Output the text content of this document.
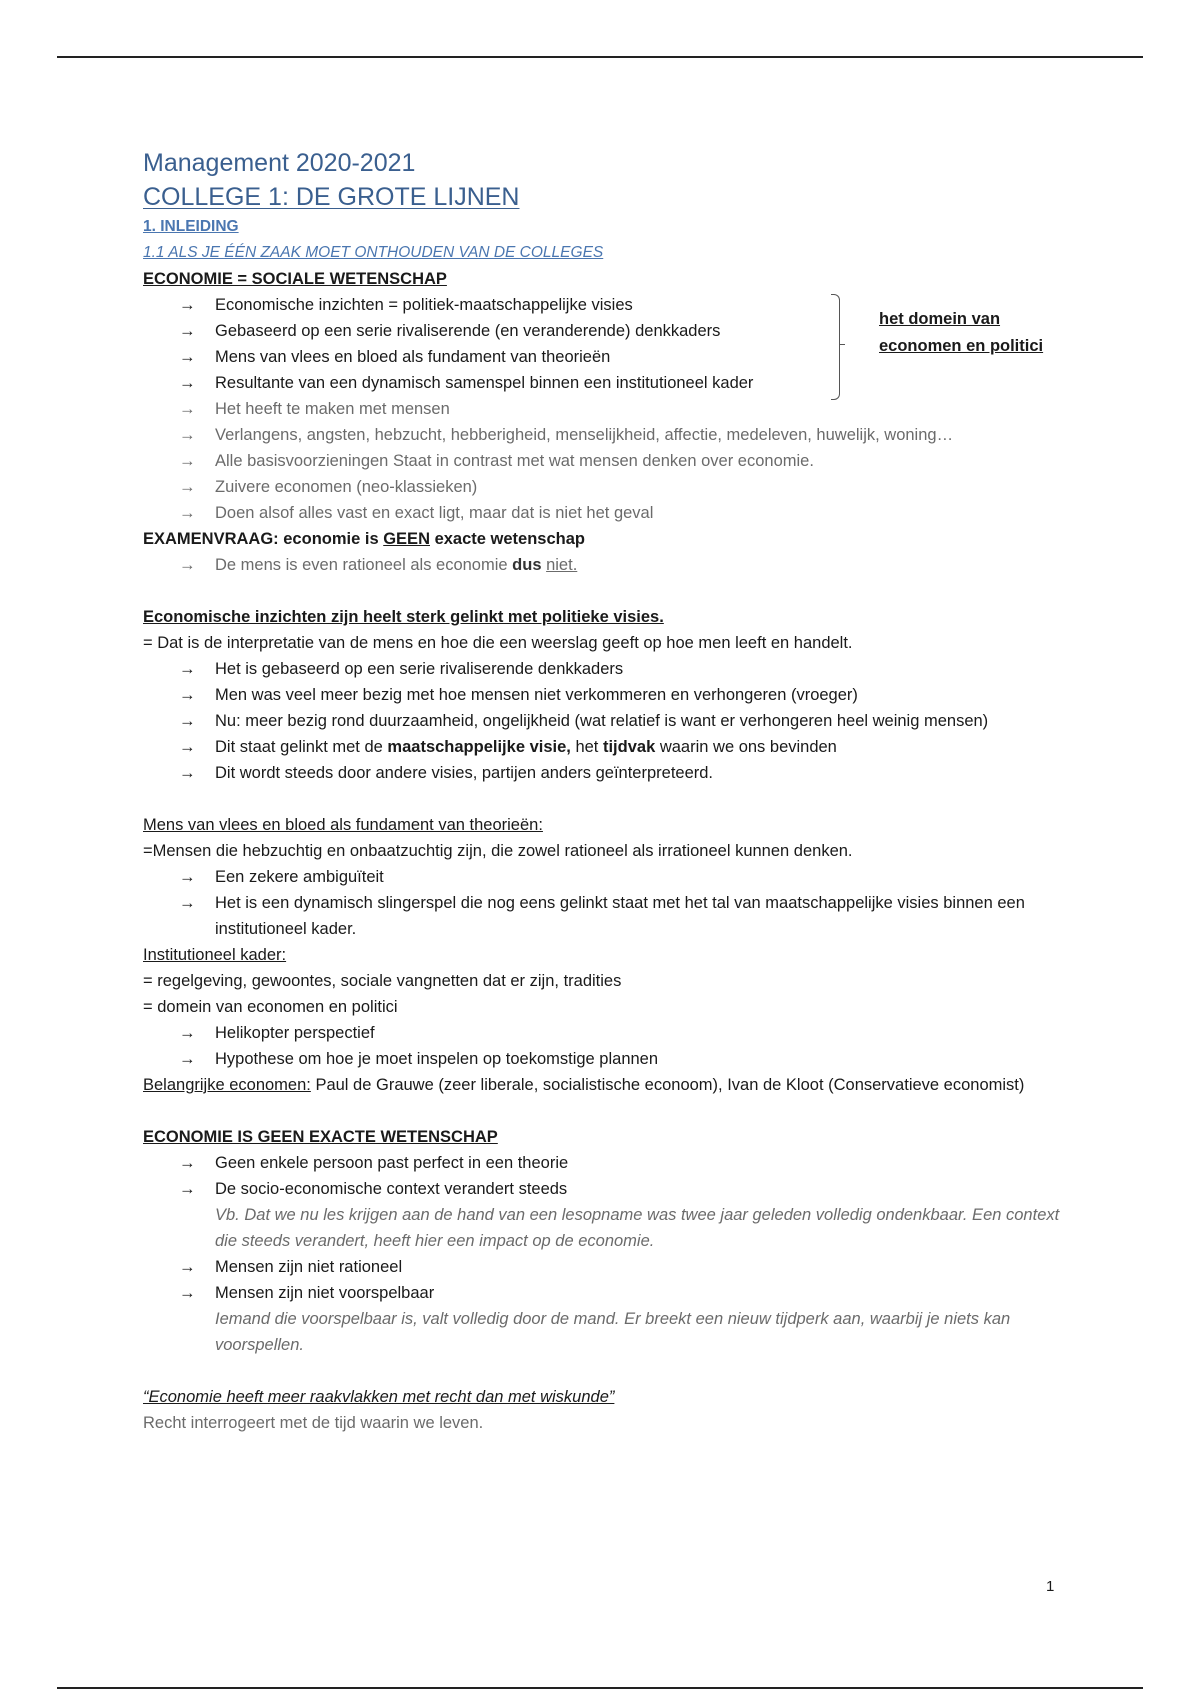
Management 2020-2021
COLLEGE 1: DE GROTE LIJNEN
1. INLEIDING
1.1 ALS JE ÉÉN ZAAK MOET ONTHOUDEN VAN DE COLLEGES
ECONOMIE = SOCIALE WETENSCHAP
→ Economische inzichten = politiek-maatschappelijke visies
→ Gebaseerd op een serie rivaliserende (en veranderende) denkkaders
→ Mens van vlees en bloed als fundament van theorieën
→ Resultante van een dynamisch samenspel binnen een institutioneel kader
het domein van
economen en politici
→ Het heeft te maken met mensen
→ Verlangens, angsten, hebzucht, hebberigheid, menselijkheid, affectie, medeleven, huwelijk, woning…
→ Alle basisvoorzieningen Staat in contrast met wat mensen denken over economie.
→ Zuivere economen (neo-klassieken)
→ Doen alsof alles vast en exact ligt, maar dat is niet het geval
EXAMENVRAAG: economie is GEEN exacte wetenschap
→ De mens is even rationeel als economie dus niet.
Economische inzichten zijn heelt sterk gelinkt met politieke visies.
= Dat is de interpretatie van de mens en hoe die een weerslag geeft op hoe men leeft en handelt.
→ Het is gebaseerd op een serie rivaliserende denkkaders
→ Men was veel meer bezig met hoe mensen niet verkommeren en verhongeren (vroeger)
→ Nu: meer bezig rond duurzaamheid, ongelijkheid (wat relatief is want er verhongeren heel weinig mensen)
→ Dit staat gelinkt met de maatschappelijke visie, het tijdvak waarin we ons bevinden
→ Dit wordt steeds door andere visies, partijen anders geïnterpreteerd.
Mens van vlees en bloed als fundament van theorieën:
=Mensen die hebzuchtig en onbaatzuchtig zijn, die zowel rationeel als irrationeel kunnen denken.
→ Een zekere ambiguïteit
→ Het is een dynamisch slingerspel die nog eens gelinkt staat met het tal van maatschappelijke visies binnen een institutioneel kader.
Institutioneel kader:
= regelgeving, gewoontes, sociale vangnetten dat er zijn, tradities
= domein van economen en politici
→ Helikopter perspectief
→ Hypothese om hoe je moet inspelen op toekomstige plannen
Belangrijke economen: Paul de Grauwe (zeer liberale, socialistische econoom), Ivan de Kloot (Conservatieve economist)
ECONOMIE IS GEEN EXACTE WETENSCHAP
→ Geen enkele persoon past perfect in een theorie
→ De socio-economische context verandert steeds
Vb. Dat we nu les krijgen aan de hand van een lesopname was twee jaar geleden volledig ondenkbaar. Een context die steeds verandert, heeft hier een impact op de economie.
→ Mensen zijn niet rationeel
→ Mensen zijn niet voorspelbaar
Iemand die voorspelbaar is, valt volledig door de mand. Er breekt een nieuw tijdperk aan, waarbij je niets kan voorspellen.
“Economie heeft meer raakvlakken met recht dan met wiskunde”
Recht interrogeert met de tijd waarin we leven.
1
